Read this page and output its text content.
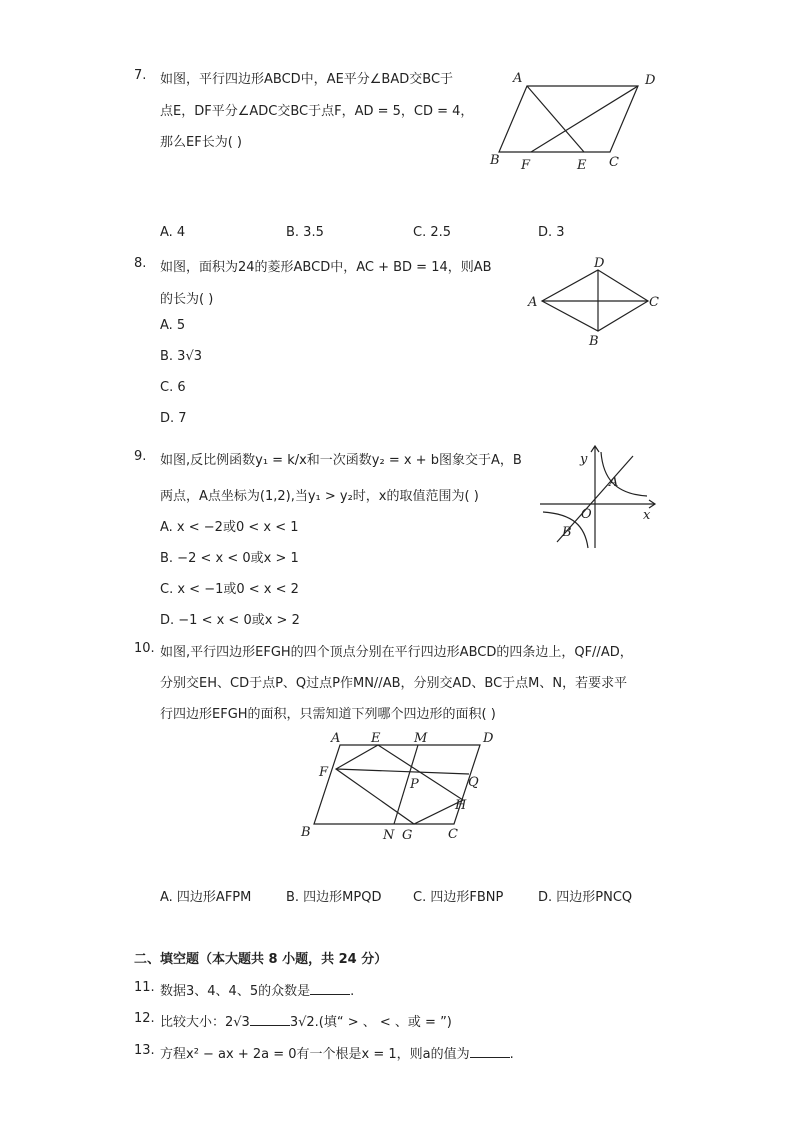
7. 如图，平行四边形ABCD中，AE平分∠BAD交BC于
点E，DF平分∠ADC交BC于点F，AD = 5，CD = 4，
那么EF长为( )
A	D
B F	E C
A. 4	B. 3.5	C. 2.5	D. 3
8. 如图，面积为24的菱形ABCD中，AC + BD = 14，则AB
的长为( )
D
A	C
B
A. 5
B. 3√3
C. 6
D. 7
9. 如图,反比例函数y₁ = k/x和一次函数y₂ = x + b图象交于A，B
两点，A点坐标为(1,2),当y₁ > y₂时，x的取值范围为( )
y
A
O	x
B
A. x < −2或0 < x < 1
B. −2 < x < 0或x > 1
C. x < −1或0 < x < 2
D. −1 < x < 0或x > 2
10. 如图,平行四边形EFGH的四个顶点分别在平行四边形ABCD的四条边上，QF//AD，
分别交EH、CD于点P、Q过点P作MN//AB，分别交AD、BC于点M、N，若要求平
行四边形EFGH的面积，只需知道下列哪个四边形的面积( )
A E	M	D
F
Q
P
H
B	N G	C
A. 四边形AFPM	B. 四边形MPQD C. 四边形FBNP	D. 四边形PNCQ
二、填空题（本大题共 8 小题，共 24 分）
11. 数据3、4、4、5的众数是	.
12. 比较大小：2√3	3√2.(填“ > 、 < 、或 = ”)
13. 方程x² − ax + 2a = 0有一个根是x = 1，则a的值为	.
